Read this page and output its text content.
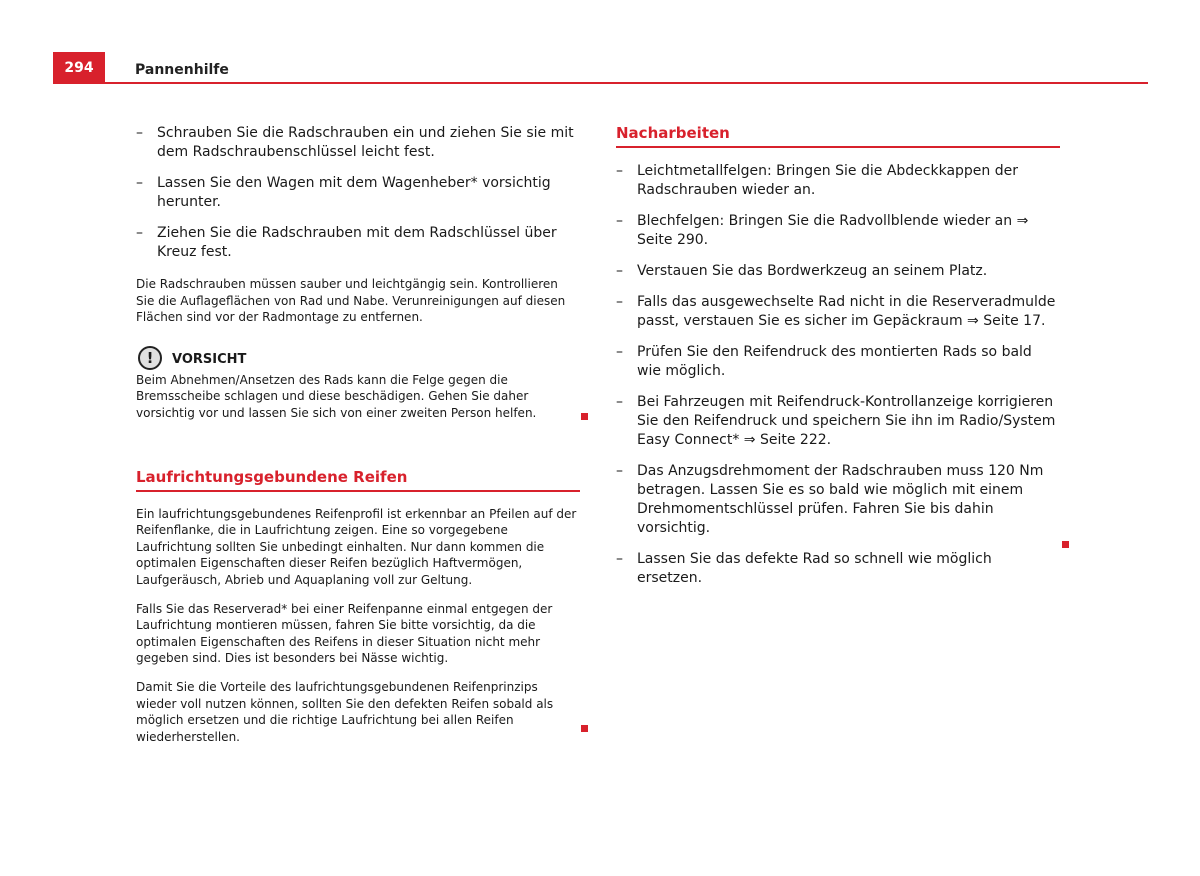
294	Pannenhilfe
– Schrauben Sie die Radschrauben ein und ziehen Sie sie mit dem Radschraubenschlüssel leicht fest.
– Lassen Sie den Wagen mit dem Wagenheber* vorsichtig herunter.
– Ziehen Sie die Radschrauben mit dem Radschlüssel über Kreuz fest.

Die Radschrauben müssen sauber und leichtgängig sein. Kontrollieren Sie die Auflageflächen von Rad und Nabe. Verunreinigungen auf diesen Flächen sind vor der Radmontage zu entfernen.

!	VORSICHT

Beim Abnehmen/Ansetzen des Rads kann die Felge gegen die Bremsscheibe schlagen und diese beschädigen. Gehen Sie daher vorsichtig vor und lassen Sie sich von einer zweiten Person helfen.

Laufrichtungsgebundene Reifen

Ein laufrichtungsgebundenes Reifenprofil ist erkennbar an Pfeilen auf der Reifenflanke, die in Laufrichtung zeigen. Eine so vorgegebene Laufrichtung sollten Sie unbedingt einhalten. Nur dann kommen die optimalen Eigenschaften dieser Reifen bezüglich Haftvermögen, Laufgeräusch, Abrieb und Aquaplaning voll zur Geltung.

Falls Sie das Reserverad* bei einer Reifenpanne einmal entgegen der Laufrichtung montieren müssen, fahren Sie bitte vorsichtig, da die optimalen Eigenschaften des Reifens in dieser Situation nicht mehr gegeben sind. Dies ist besonders bei Nässe wichtig.

Damit Sie die Vorteile des laufrichtungsgebundenen Reifenprinzips wieder voll nutzen können, sollten Sie den defekten Reifen sobald als möglich ersetzen und die richtige Laufrichtung bei allen Reifen wiederherstellen.

Nacharbeiten
– Leichtmetallfelgen: Bringen Sie die Abdeckkappen der Radschrauben wieder an.
– Blechfelgen: Bringen Sie die Radvollblende wieder an ⇒ Seite 290.
– Verstauen Sie das Bordwerkzeug an seinem Platz.
– Falls das ausgewechselte Rad nicht in die Reserveradmulde passt, verstauen Sie es sicher im Gepäckraum ⇒ Seite 17.
– Prüfen Sie den Reifendruck des montierten Rads so bald wie möglich.
– Bei Fahrzeugen mit Reifendruck-Kontrollanzeige korrigieren Sie den Reifendruck und speichern Sie ihn im Radio/System Easy Connect* ⇒ Seite 222.
– Das Anzugsdrehmoment der Radschrauben muss 120 Nm betragen. Lassen Sie es so bald wie möglich mit einem Drehmomentschlüssel prüfen. Fahren Sie bis dahin vorsichtig.
– Lassen Sie das defekte Rad so schnell wie möglich ersetzen.
